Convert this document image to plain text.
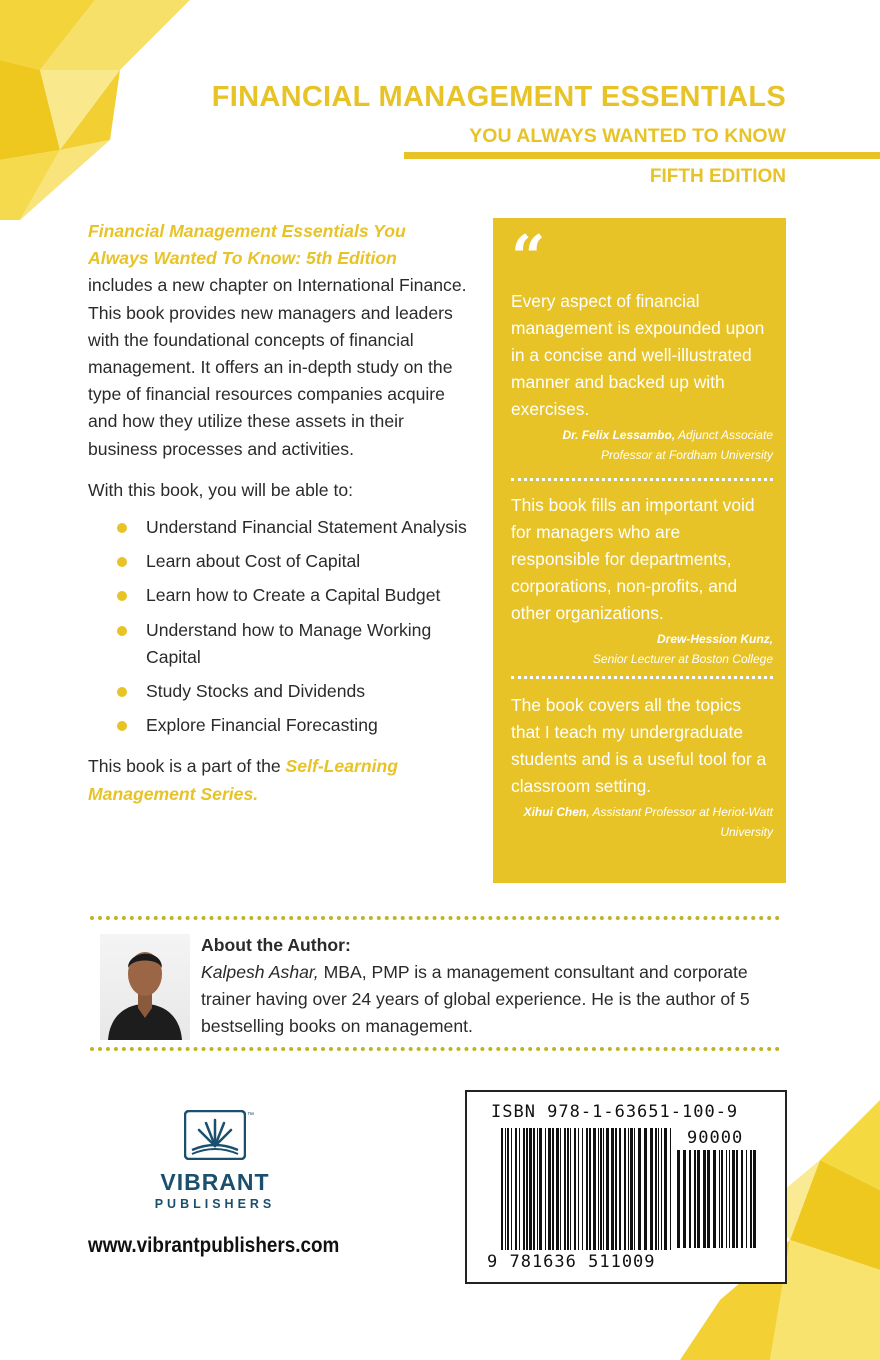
FINANCIAL MANAGEMENT ESSENTIALS
YOU ALWAYS WANTED TO KNOW
FIFTH EDITION
Financial Management Essentials You
Always Wanted To Know: 5th Edition
includes a new chapter on International Finance. This book provides new managers and leaders with the foundational concepts of financial management. It offers an in-depth study on the type of financial resources companies acquire and how they utilize these assets in their business processes and activities.
With this book, you will be able to:
Understand Financial Statement Analysis
Learn about Cost of Capital
Learn how to Create a Capital Budget
Understand how to Manage Working Capital
Study Stocks and Dividends
Explore Financial Forecasting
This book is a part of the Self-Learning Management Series.
“
Every aspect of financial management is expounded upon in a concise and well-illustrated manner and backed up with exercises.
Dr. Felix Lessambo, Adjunct Associate Professor at Fordham University
This book fills an important void for managers who are responsible for departments, corporations, non-profits, and other organizations.
Drew-Hession Kunz,
Senior Lecturer at Boston College
The book covers all the topics that I teach my undergraduate students and is a useful tool for a classroom setting.
Xihui Chen, Assistant Professor at Heriot-Watt University
About the Author:
Kalpesh Ashar, MBA, PMP is a management consultant and corporate trainer having over 24 years of global experience. He is the author of 5 bestselling books on management.
VIBRANT
PUBLISHERS
™
www.vibrantpublishers.com
ISBN 978-1-63651-100-9
90000
9 781636 511009
